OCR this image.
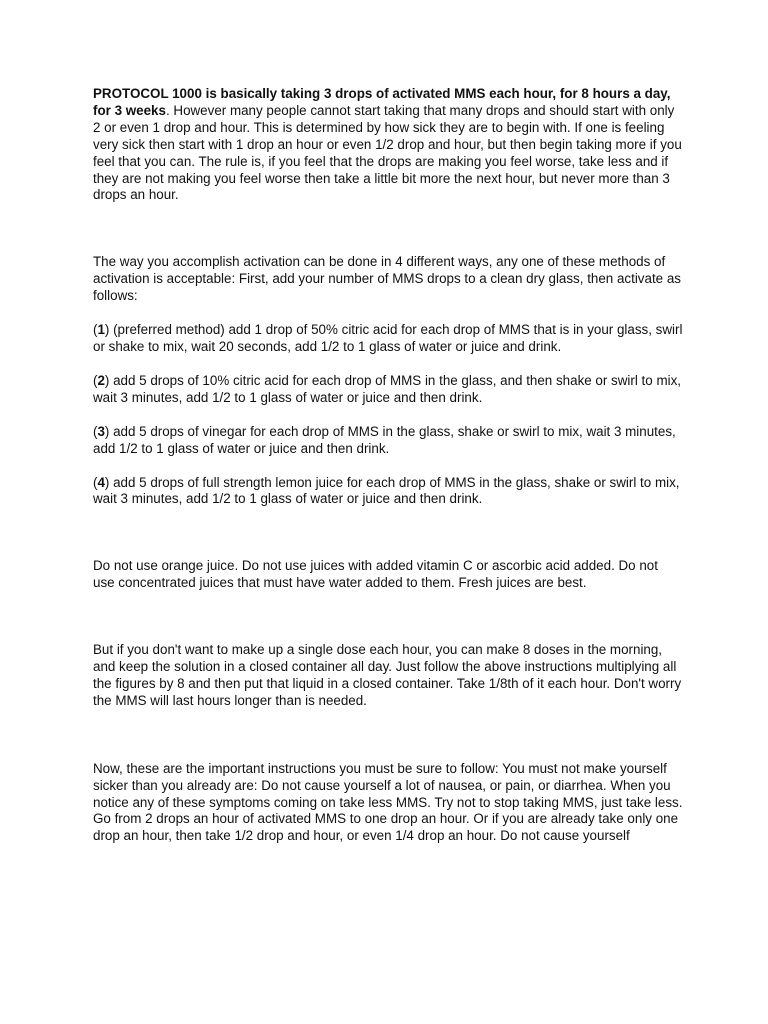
PROTOCOL 1000 is basically taking 3 drops of activated MMS each hour, for 8 hours a day, for 3 weeks. However many people cannot start taking that many drops and should start with only 2 or even 1 drop and hour. This is determined by how sick they are to begin with. If one is feeling very sick then start with 1 drop an hour or even 1/2 drop and hour, but then begin taking more if you feel that you can. The rule is, if you feel that the drops are making you feel worse, take less and if they are not making you feel worse then take a little bit more the next hour, but never more than 3 drops an hour.

The way you accomplish activation can be done in 4 different ways, any one of these methods of activation is acceptable: First, add your number of MMS drops to a clean dry glass, then activate as follows:

(1) (preferred method) add 1 drop of 50% citric acid for each drop of MMS that is in your glass, swirl or shake to mix, wait 20 seconds, add 1/2 to 1 glass of water or juice and drink.

(2) add 5 drops of 10% citric acid for each drop of MMS in the glass, and then shake or swirl to mix, wait 3 minutes, add 1/2 to 1 glass of water or juice and then drink.

(3) add 5 drops of vinegar for each drop of MMS in the glass, shake or swirl to mix, wait 3 minutes, add 1/2 to 1 glass of water or juice and then drink.

(4) add 5 drops of full strength lemon juice for each drop of MMS in the glass, shake or swirl to mix, wait 3 minutes, add 1/2 to 1 glass of water or juice and then drink.

Do not use orange juice. Do not use juices with added vitamin C or ascorbic acid added. Do not use concentrated juices that must have water added to them. Fresh juices are best.

But if you don't want to make up a single dose each hour, you can make 8 doses in the morning, and keep the solution in a closed container all day. Just follow the above instructions multiplying all the figures by 8 and then put that liquid in a closed container. Take 1/8th of it each hour. Don't worry the MMS will last hours longer than is needed.

Now, these are the important instructions you must be sure to follow: You must not make yourself sicker than you already are: Do not cause yourself a lot of nausea, or pain, or diarrhea. When you notice any of these symptoms coming on take less MMS. Try not to stop taking MMS, just take less. Go from 2 drops an hour of activated MMS to one drop an hour. Or if you are already take only one drop an hour, then take 1/2 drop and hour, or even 1/4 drop an hour. Do not cause yourself
